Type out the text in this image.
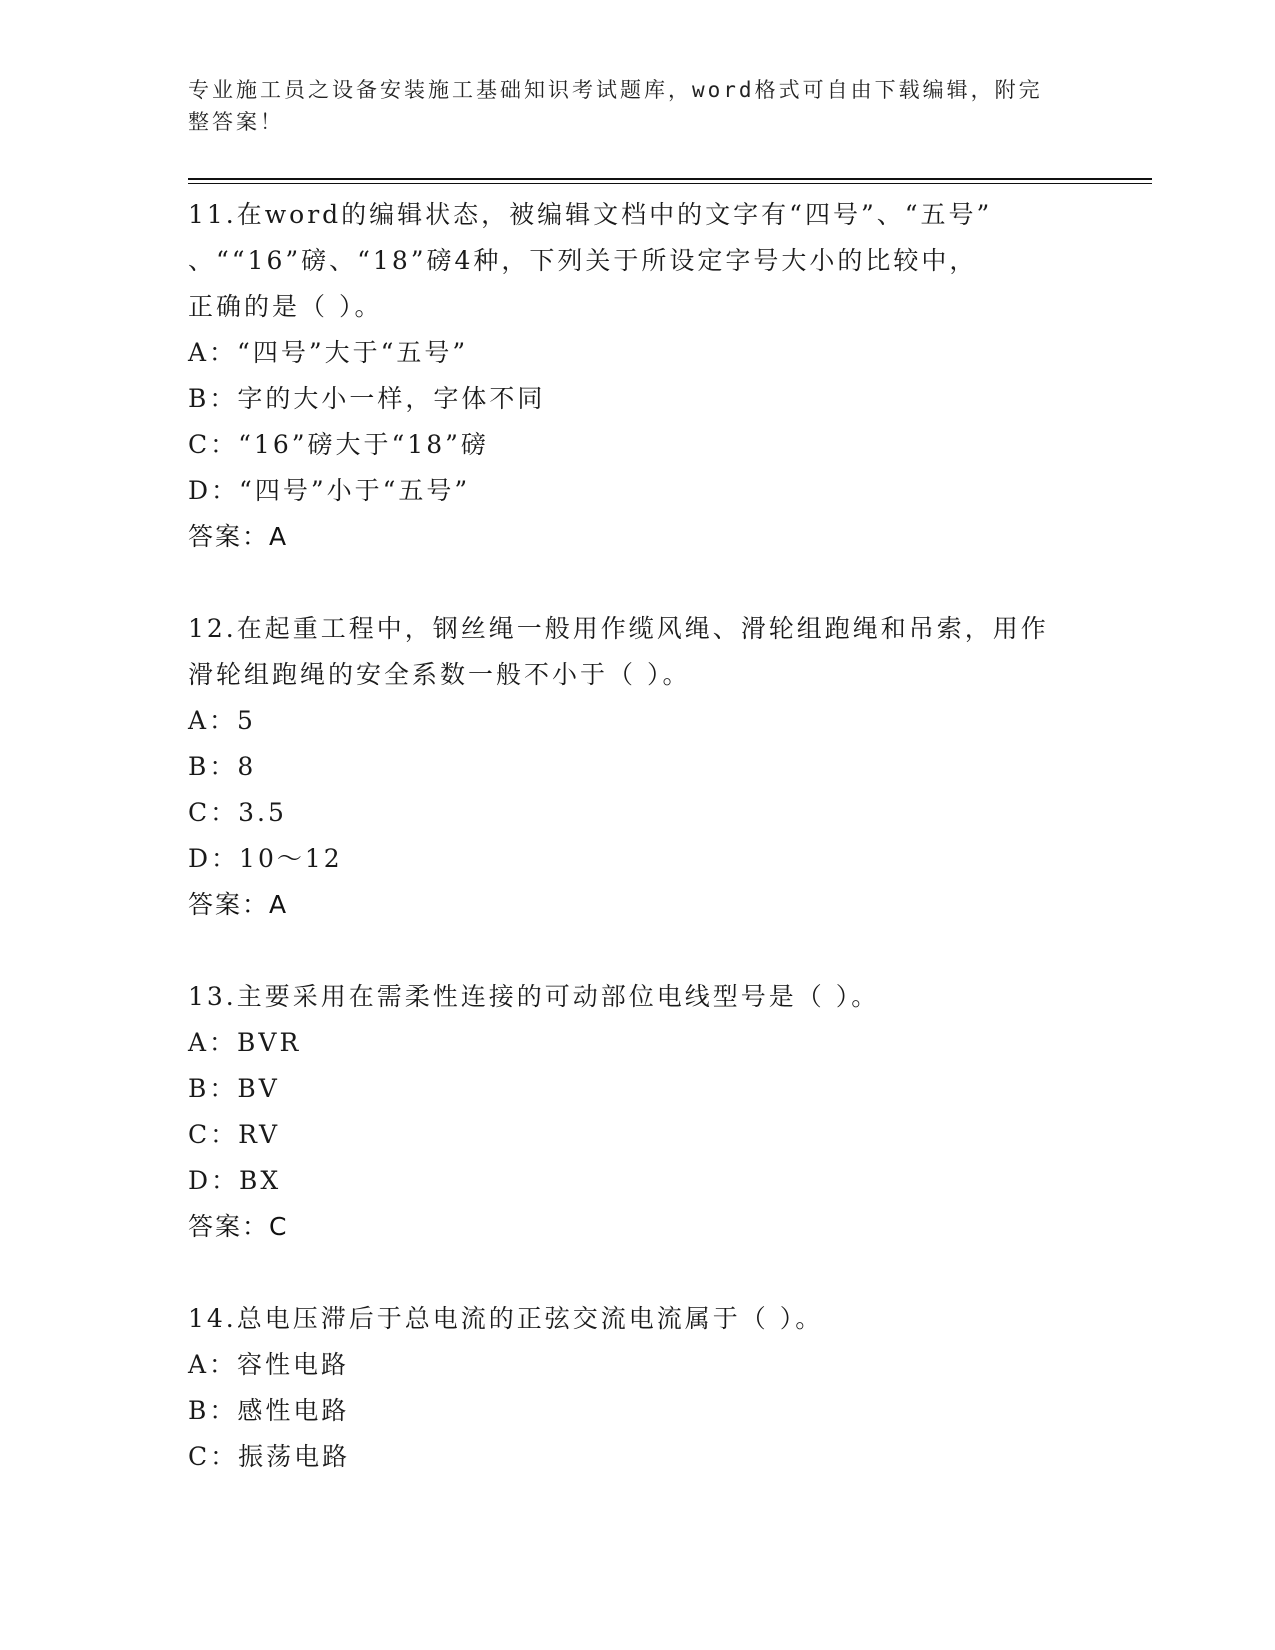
专业施工员之设备安装施工基础知识考试题库，word格式可自由下载编辑，附完
整答案！
11.在word的编辑状态，被编辑文档中的文字有“四号”、“五号”
、““16”磅、“18”磅4种，下列关于所设定字号大小的比较中，
正确的是（ ）。
A：“四号”大于“五号”
B：字的大小一样，字体不同
C：“16”磅大于“18”磅
D：“四号”小于“五号”
答案：A
12.在起重工程中，钢丝绳一般用作缆风绳、滑轮组跑绳和吊索，用作
滑轮组跑绳的安全系数一般不小于（ ）。
A：5
B：8
C：3.5
D：10～12
答案：A
13.主要采用在需柔性连接的可动部位电线型号是（ ）。
A：BVR
B：BV
C：RV
D：BX
答案：C
14.总电压滞后于总电流的正弦交流电流属于（ ）。
A：容性电路
B：感性电路
C：振荡电路
